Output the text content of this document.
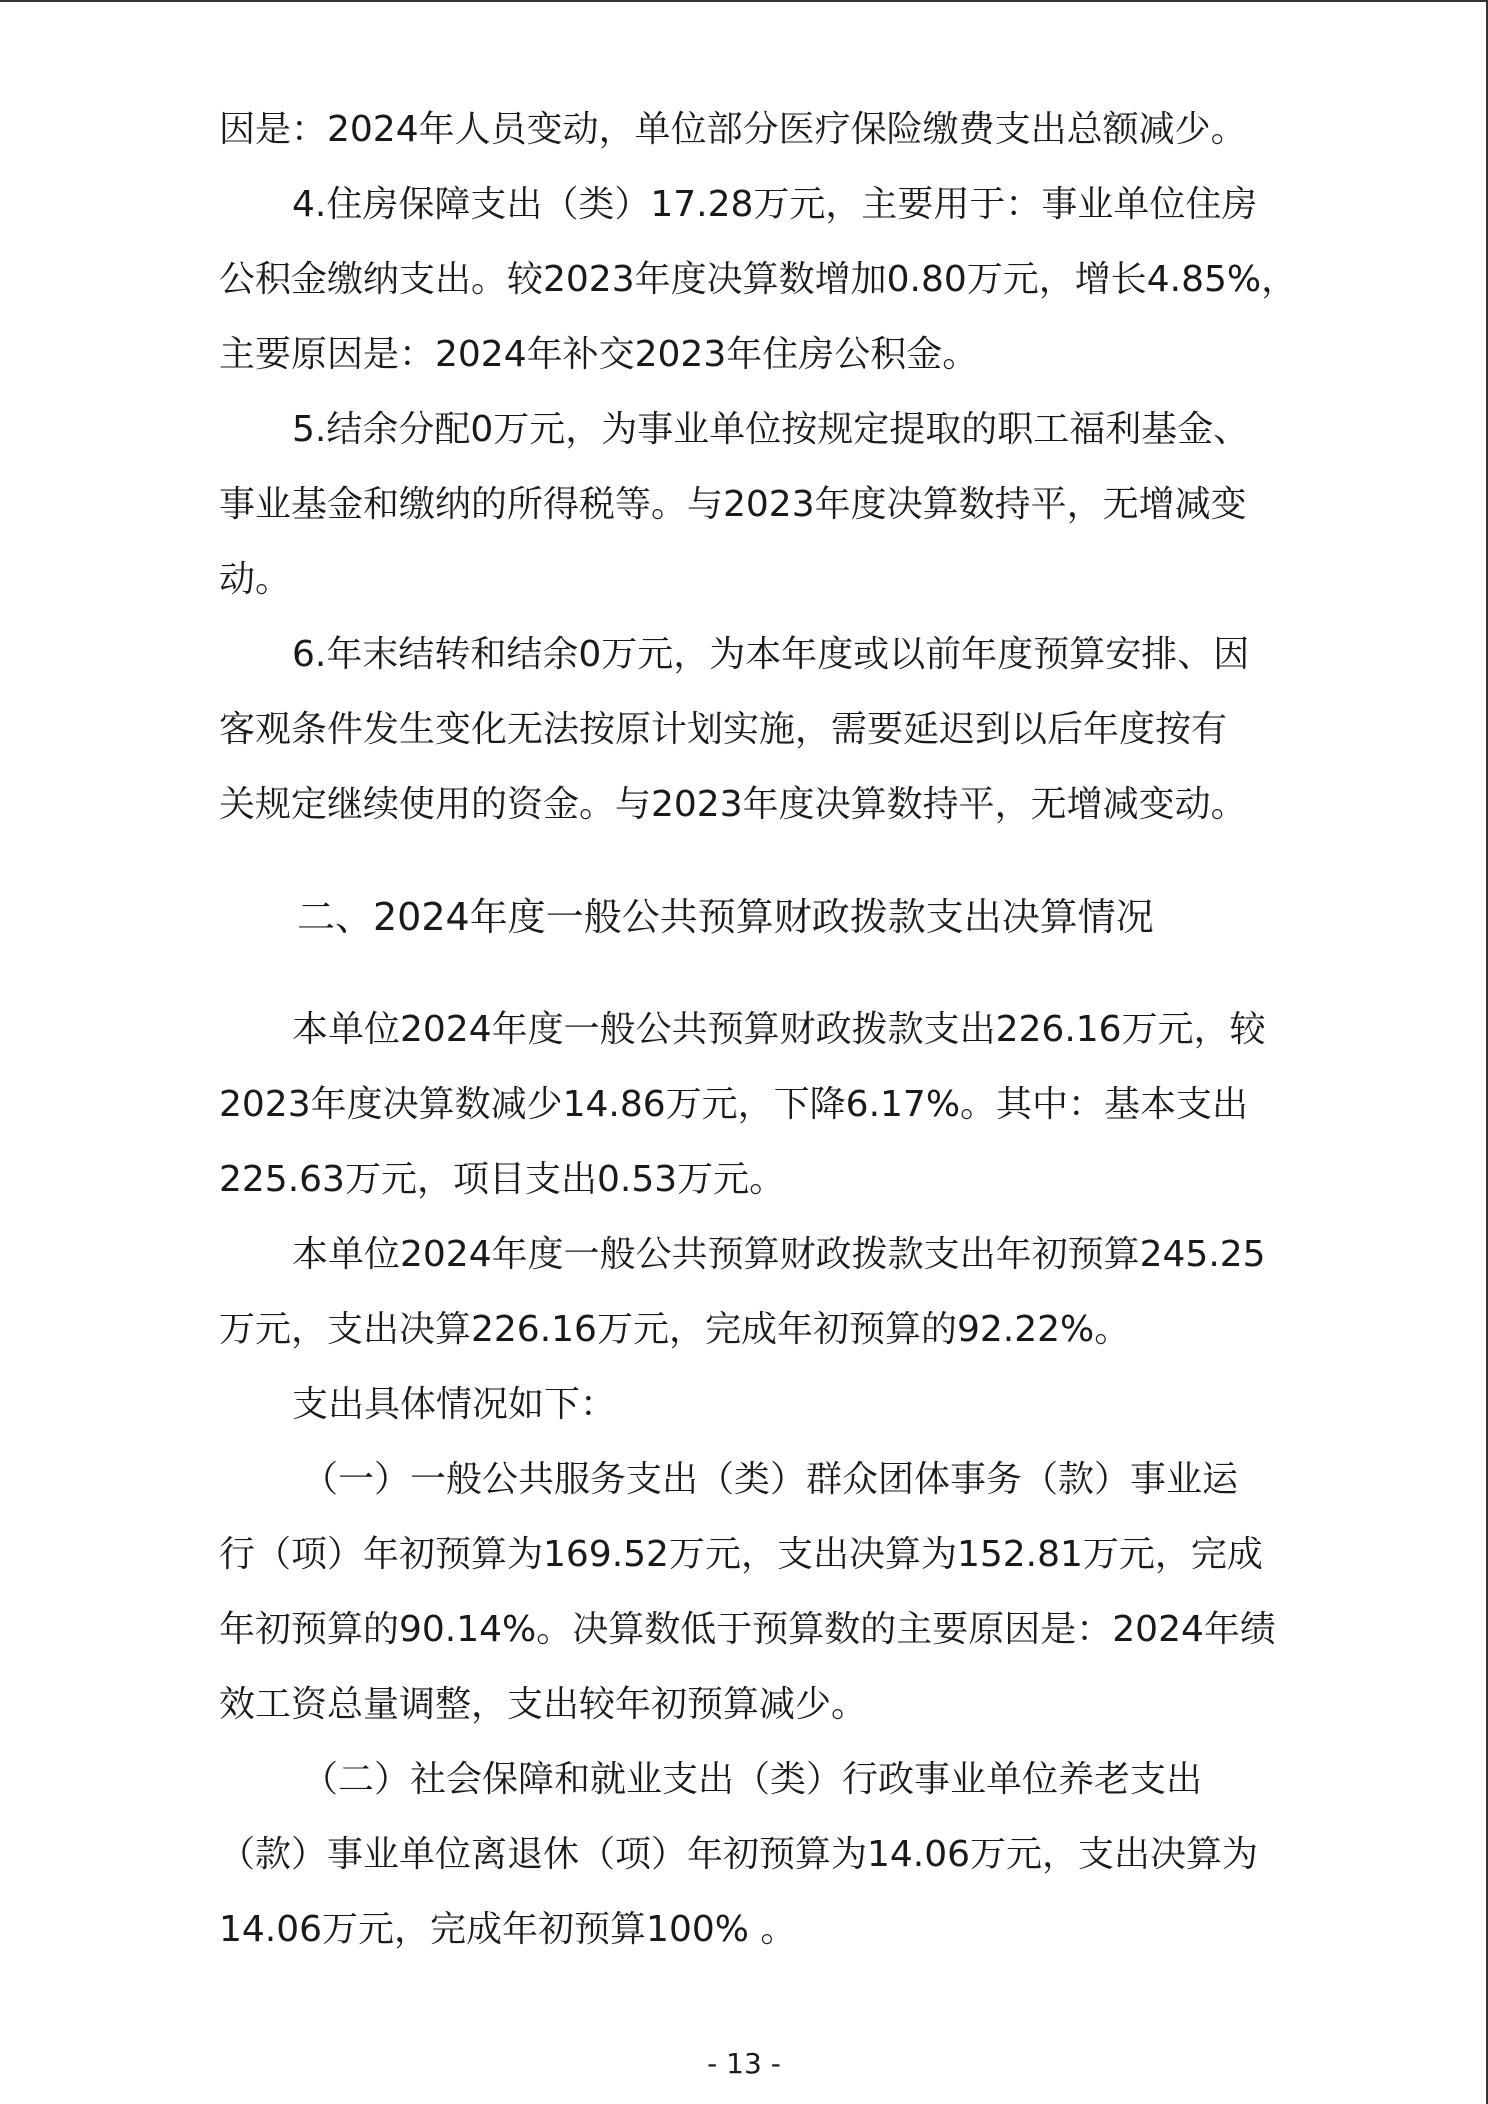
因是：2024年人员变动，单位部分医疗保险缴费支出总额减少。
4.住房保障支出（类）17.28万元，主要用于：事业单位住房
公积金缴纳支出。较2023年度决算数增加0.80万元，增长4.85%，
主要原因是：2024年补交2023年住房公积金。
5.结余分配0万元，为事业单位按规定提取的职工福利基金、
事业基金和缴纳的所得税等。与2023年度决算数持平，无增减变
动。
6.年末结转和结余0万元，为本年度或以前年度预算安排、因
客观条件发生变化无法按原计划实施，需要延迟到以后年度按有
关规定继续使用的资金。与2023年度决算数持平，无增减变动。
二、2024年度一般公共预算财政拨款支出决算情况
本单位2024年度一般公共预算财政拨款支出226.16万元，较
2023年度决算数减少14.86万元，下降6.17%。其中：基本支出
225.63万元，项目支出0.53万元。
本单位2024年度一般公共预算财政拨款支出年初预算245.25
万元，支出决算226.16万元，完成年初预算的92.22%。
支出具体情况如下：
（一）一般公共服务支出（类）群众团体事务（款）事业运
行（项）年初预算为169.52万元，支出决算为152.81万元，完成
年初预算的90.14%。决算数低于预算数的主要原因是：2024年绩
效工资总量调整，支出较年初预算减少。
（二）社会保障和就业支出（类）行政事业单位养老支出
（款）事业单位离退休（项）年初预算为14.06万元，支出决算为
14.06万元，完成年初预算100% 。
- 13 -
